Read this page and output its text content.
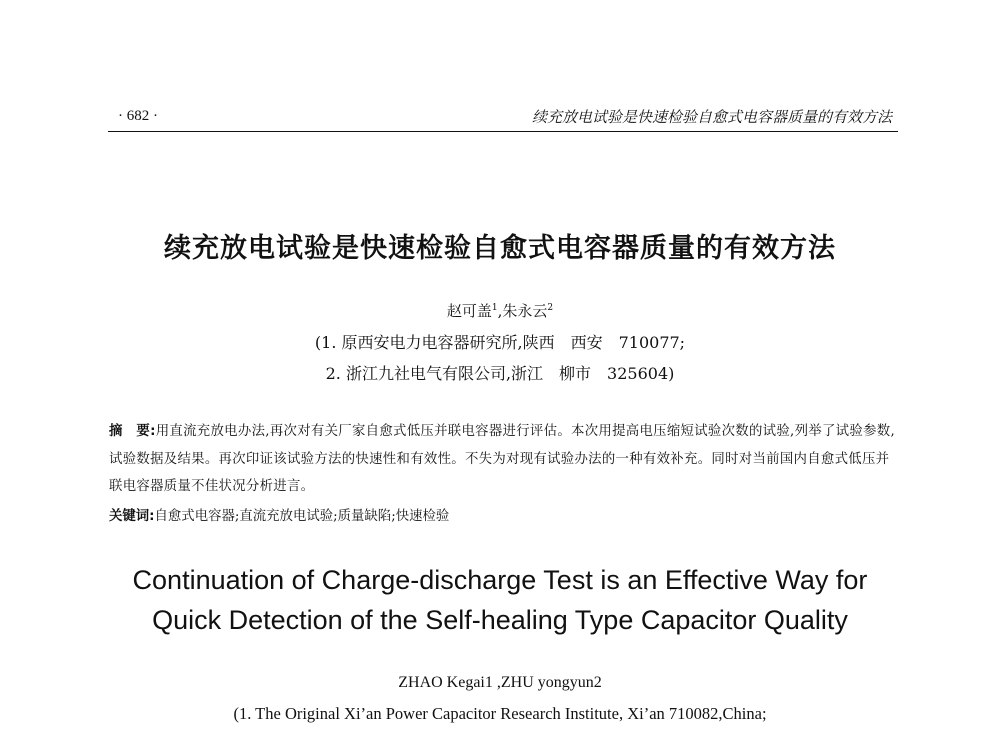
· 682 ·	续充放电试验是快速检验自愈式电容器质量的有效方法
续充放电试验是快速检验自愈式电容器质量的有效方法
赵可盖$^1$,朱永云$^2$
(1. 原西安电力电容器研究所,陕西　西安　710077;
2. 浙江九社电气有限公司,浙江　柳市　325604)
摘　要:用直流充放电办法,再次对有关厂家自愈式低压并联电容器进行评估。本次用提高电压缩短试验次数的试验,列举了试验参数,试验数据及结果。再次印证该试验方法的快速性和有效性。不失为对现有试验办法的一种有效补充。同时对当前国内自愈式低压并联电容器质量不佳状况分析进言。
关键词:自愈式电容器;直流充放电试验;质量缺陷;快速检验
Continuation of Charge-discharge Test is an Effective Way for
Quick Detection of the Self-healing Type Capacitor Quality
ZHAO Kegai1 ,ZHU yongyun2
(1. The Original Xi’an Power Capacitor Research Institute, Xi’an 710082,China;
